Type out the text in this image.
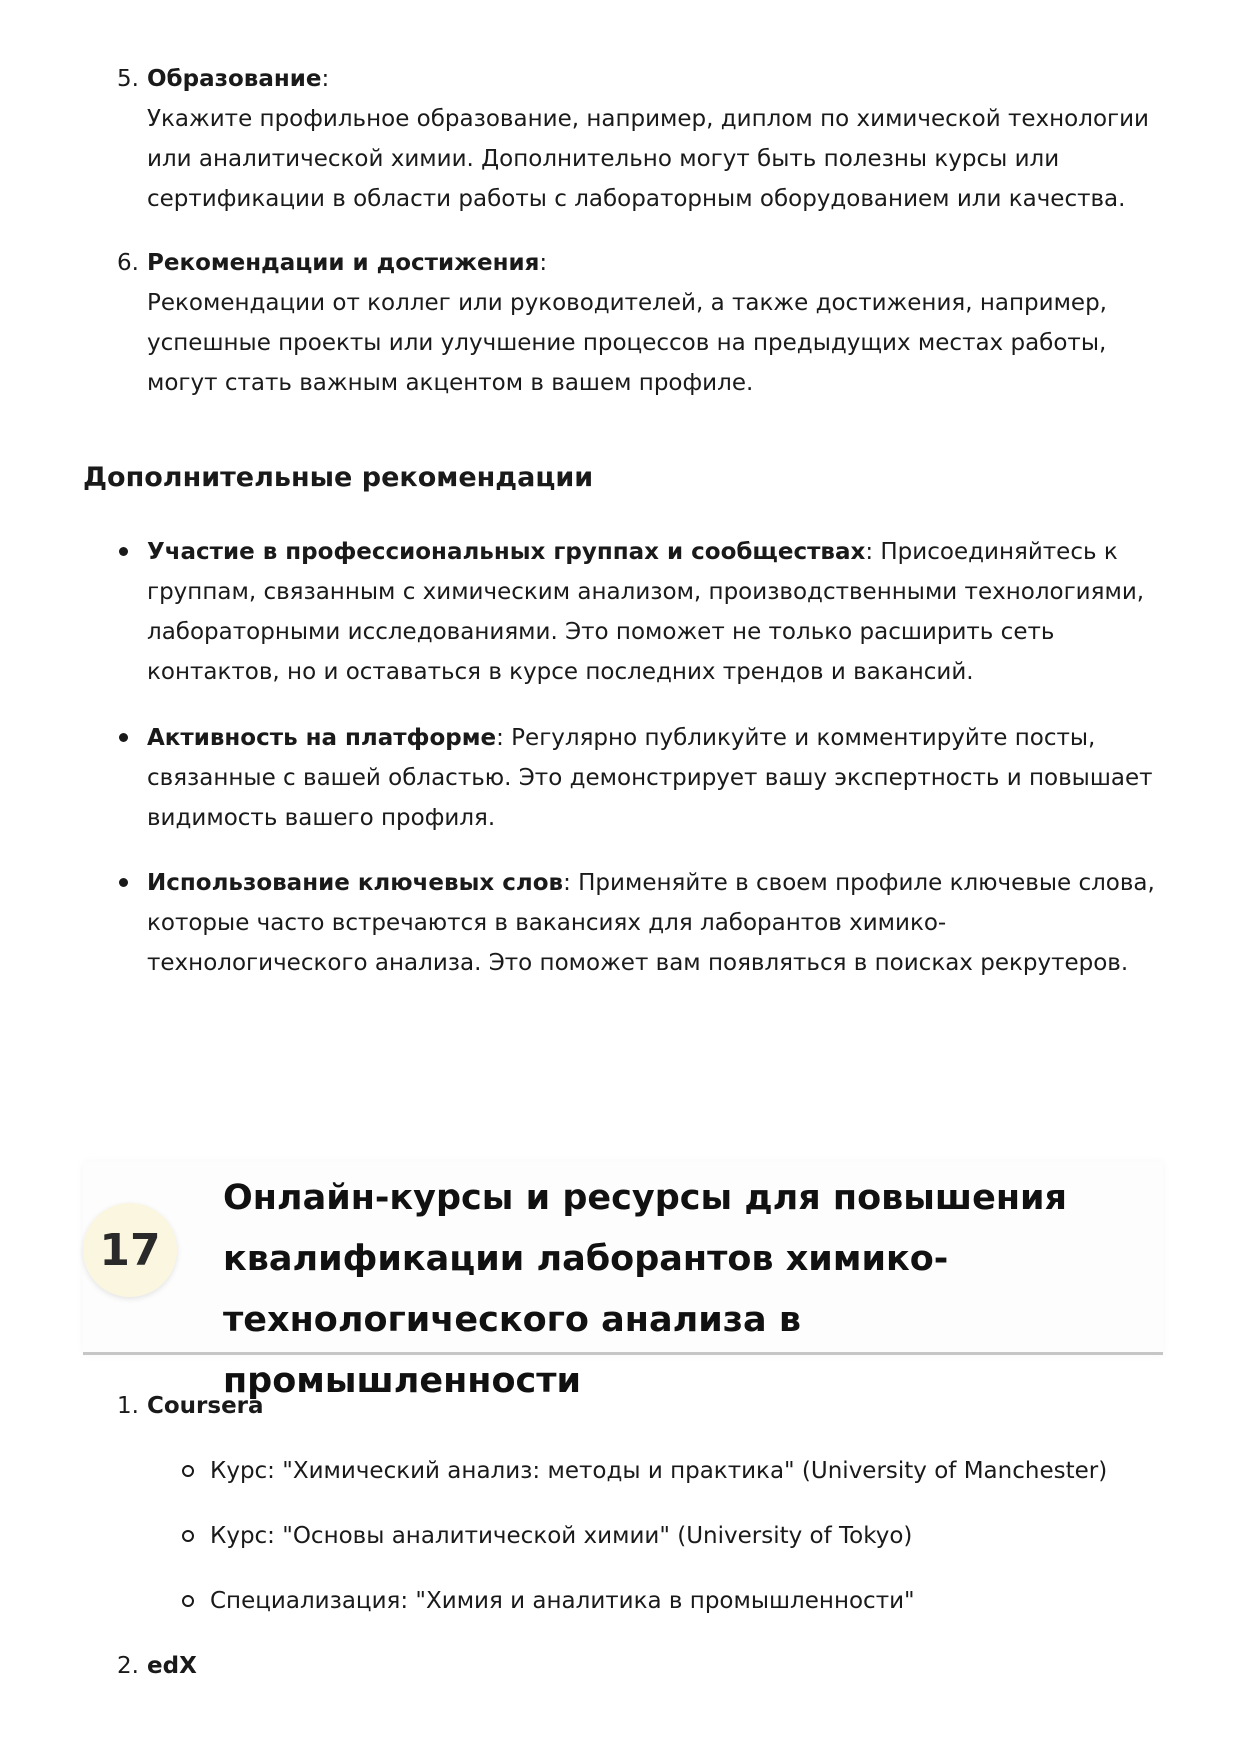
5. Образование:
Укажите профильное образование, например, диплом по химической технологии или аналитической химии. Дополнительно могут быть полезны курсы или сертификации в области работы с лабораторным оборудованием или качества.
6. Рекомендации и достижения:
Рекомендации от коллег или руководителей, а также достижения, например, успешные проекты или улучшение процессов на предыдущих местах работы, могут стать важным акцентом в вашем профиле.
Дополнительные рекомендации
Участие в профессиональных группах и сообществах: Присоединяйтесь к группам, связанным с химическим анализом, производственными технологиями, лабораторными исследованиями. Это поможет не только расширить сеть контактов, но и оставаться в курсе последних трендов и вакансий.
Активность на платформе: Регулярно публикуйте и комментируйте посты, связанные с вашей областью. Это демонстрирует вашу экспертность и повышает видимость вашего профиля.
Использование ключевых слов: Применяйте в своем профиле ключевые слова, которые часто встречаются в вакансиях для лаборантов химико-технологического анализа. Это поможет вам появляться в поисках рекрутеров.
17
Онлайн-курсы и ресурсы для повышения квалификации лаборантов химико-технологического анализа в промышленности
1. Coursera
Курс: "Химический анализ: методы и практика" (University of Manchester)
Курс: "Основы аналитической химии" (University of Tokyo)
Специализация: "Химия и аналитика в промышленности"
2. edX
